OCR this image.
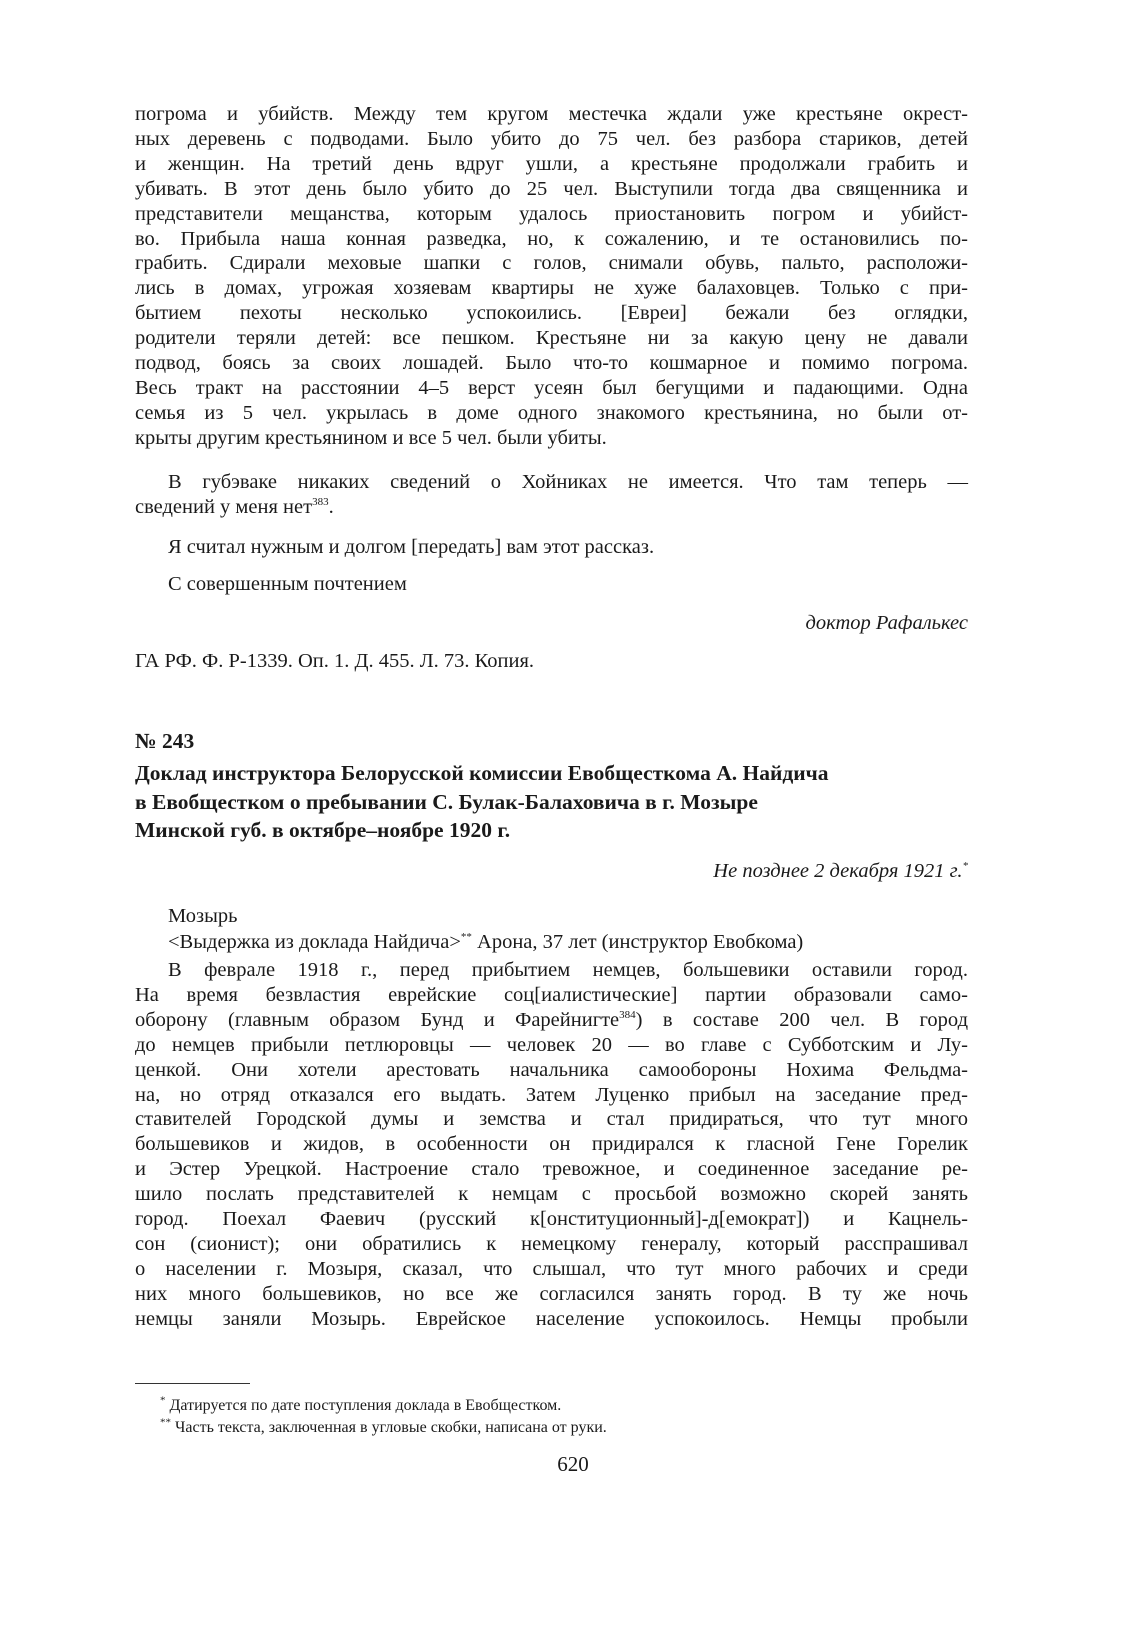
погрома и убийств. Между тем кругом местечка ждали уже крестьяне окрест-
ных деревень с подводами. Было убито до 75 чел. без разбора стариков, детей
и женщин. На третий день вдруг ушли, а крестьяне продолжали грабить и
убивать. В этот день было убито до 25 чел. Выступили тогда два священника и
представители мещанства, которым удалось приостановить погром и убийст-
во. Прибыла наша конная разведка, но, к сожалению, и те остановились по-
грабить. Сдирали меховые шапки с голов, снимали обувь, пальто, расположи-
лись в домах, угрожая хозяевам квартиры не хуже балаховцев. Только с при-
бытием пехоты несколько успокоились. [Евреи] бежали без оглядки,
родители теряли детей: все пешком. Крестьяне ни за какую цену не давали
подвод, боясь за своих лошадей. Было что-то кошмарное и помимо погрома.
Весь тракт на расстоянии 4–5 верст усеян был бегущими и падающими. Одна
семья из 5 чел. укрылась в доме одного знакомого крестьянина, но были от-
крыты другим крестьянином и все 5 чел. были убиты.
В губэваке никаких сведений о Хойниках не имеется. Что там теперь —
сведений у меня нет$^{383}$.
Я считал нужным и долгом [передать] вам этот рассказ.
С совершенным почтением
доктор Рафалькес
ГА РФ. Ф. Р-1339. Оп. 1. Д. 455. Л. 73. Копия.
№ 243
Доклад инструктора Белорусской комиссии Евобщесткома А. Найдича
в Евобщестком о пребывании С. Булак-Балаховича в г. Мозыре
Минской губ. в октябре–ноябре 1920 г.
Не позднее 2 декабря 1921 г.*
Мозырь
<Выдержка из доклада Найдича>** Арона, 37 лет (инструктор Евобкома)
В феврале 1918 г., перед прибытием немцев, большевики оставили город.
На время безвластия еврейские соц[иалистические] партии образовали само-
оборону (главным образом Бунд и Фарейнигте$^{384}$) в составе 200 чел. В город
до немцев прибыли петлюровцы — человек 20 — во главе с Субботским и Лу-
ценкой. Они хотели арестовать начальника самообороны Нохима Фельдма-
на, но отряд отказался его выдать. Затем Луценко прибыл на заседание пред-
ставителей Городской думы и земства и стал придираться, что тут много
большевиков и жидов, в особенности он придирался к гласной Гене Горелик
и Эстер Урецкой. Настроение стало тревожное, и соединенное заседание ре-
шило послать представителей к немцам с просьбой возможно скорей занять
город. Поехал Фаевич (русский к[онституционный]-д[емократ]) и Кацнель-
сон (сионист); они обратились к немецкому генералу, который расспрашивал
о населении г. Мозыря, сказал, что слышал, что тут много рабочих и среди
них много большевиков, но все же согласился занять город. В ту же ночь
немцы заняли Мозырь. Еврейское население успокоилось. Немцы пробыли
* Датируется по дате поступления доклада в Евобщестком.
** Часть текста, заключенная в угловые скобки, написана от руки.
620
